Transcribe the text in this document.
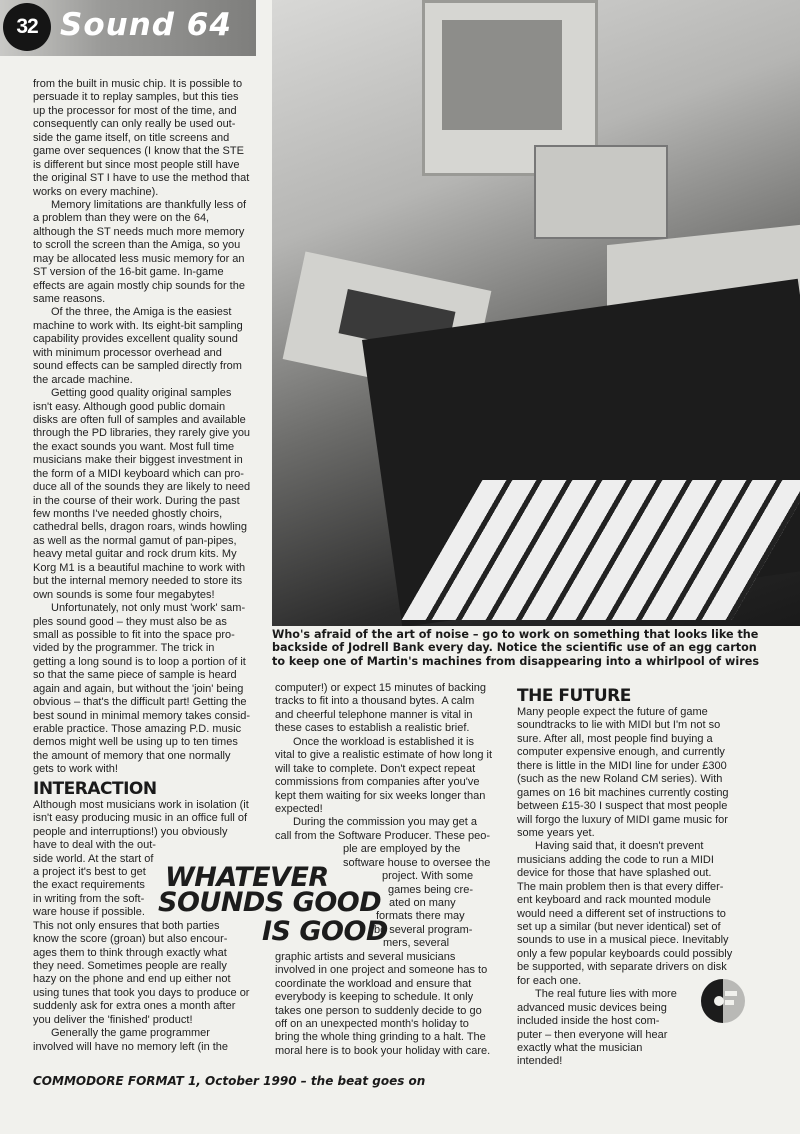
32 Sound 64
Who's afraid of the art of noise – go to work on something that looks like the
backside of Jodrell Bank every day. Notice the scientific use of an egg carton
to keep one of Martin's machines from disappearing into a whirlpool of wires
from the built in music chip. It is possible to
persuade it to replay samples, but this ties
up the processor for most of the time, and
consequently can only really be used out-
side the game itself, on title screens and
game over sequences (I know that the STE
is different but since most people still have
the original ST I have to use the method that
works on every machine).
Memory limitations are thankfully less of
a problem than they were on the 64,
although the ST needs much more memory
to scroll the screen than the Amiga, so you
may be allocated less music memory for an
ST version of the 16-bit game. In-game
effects are again mostly chip sounds for the
same reasons.
Of the three, the Amiga is the easiest
machine to work with. Its eight-bit sampling
capability provides excellent quality sound
with minimum processor overhead and
sound effects can be sampled directly from
the arcade machine.
Getting good quality original samples
isn't easy. Although good public domain
disks are often full of samples and available
through the PD libraries, they rarely give you
the exact sounds you want. Most full time
musicians make their biggest investment in
the form of a MIDI keyboard which can pro-
duce all of the sounds they are likely to need
in the course of their work. During the past
few months I've needed ghostly choirs,
cathedral bells, dragon roars, winds howling
as well as the normal gamut of pan-pipes,
heavy metal guitar and rock drum kits. My
Korg M1 is a beautiful machine to work with
but the internal memory needed to store its
own sounds is some four megabytes!
Unfortunately, not only must 'work' sam-
ples sound good – they must also be as
small as possible to fit into the space pro-
vided by the programmer. The trick in
getting a long sound is to loop a portion of it
so that the same piece of sample is heard
again and again, but without the 'join' being
obvious – that's the difficult part! Getting the
best sound in minimal memory takes consid-
erable practice. Those amazing P.D. music
demos might well be using up to ten times
the amount of memory that one normally
gets to work with!
INTERACTION
Although most musicians work in isolation (it
isn't easy producing music in an office full of
people and interruptions!) you obviously
have to deal with the out-
side world. At the start of
a project it's best to get
the exact requirements
in writing from the soft-
ware house if possible.
This not only ensures that both parties
know the score (groan) but also encour-
ages them to think through exactly what
they need. Sometimes people are really
hazy on the phone and end up either not
using tunes that took you days to produce or
suddenly ask for extra ones a month after
you deliver the 'finished' product!
Generally the game programmer
involved will have no memory left (in the
computer!) or expect 15 minutes of backing
tracks to fit into a thousand bytes. A calm
and cheerful telephone manner is vital in
these cases to establish a realistic brief.
Once the workload is established it is
vital to give a realistic estimate of how long it
will take to complete. Don't expect repeat
commissions from companies after you've
kept them waiting for six weeks longer than
expected!
During the commission you may get a
call from the Software Producer. These peo-
ple are employed by the
software house to oversee the
project. With some
games being cre-
ated on many
formats there may
be several program-
mers, several
graphic artists and several musicians
involved in one project and someone has to
coordinate the workload and ensure that
everybody is keeping to schedule. It only
takes one person to suddenly decide to go
off on an unexpected month's holiday to
bring the whole thing grinding to a halt. The
moral here is to book your holiday with care.
THE FUTURE
Many people expect the future of game
soundtracks to lie with MIDI but I'm not so
sure. After all, most people find buying a
computer expensive enough, and currently
there is little in the MIDI line for under £300
(such as the new Roland CM series). With
games on 16 bit machines currently costing
between £15-30 I suspect that most people
will forgo the luxury of MIDI game music for
some years yet.
Having said that, it doesn't prevent
musicians adding the code to run a MIDI
device for those that have splashed out.
The main problem then is that every differ-
ent keyboard and rack mounted module
would need a different set of instructions to
set up a similar (but never identical) set of
sounds to use in a musical piece. Inevitably
only a few popular keyboards could possibly
be supported, with separate drivers on disk
for each one.
The real future lies with more
advanced music devices being
included inside the host com-
puter – then everyone will hear
exactly what the musician
intended!
WHATEVER
SOUNDS GOOD
IS GOOD
COMMODORE FORMAT 1, October 1990 – the beat goes on
